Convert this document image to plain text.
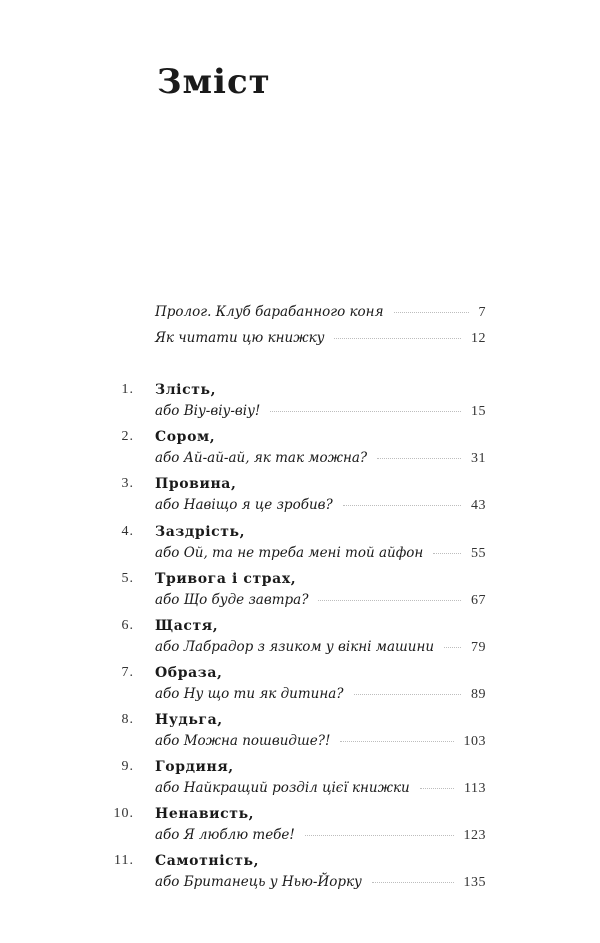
Зміст
Пролог. Клуб барабанного коня	7
Як читати цю книжку	12
1. Злість,
або Віу-віу-віу!	15
2. Сором,
або Ай-ай-ай, як так можна?	31
3. Провина,
або Навіщо я це зробив?	43
4. Заздрість,
або Ой, та не треба мені той айфон	55
5. Тривога і страх,
або Що буде завтра?	67
6. Щастя,
або Лабрадор з язиком у вікні машини	79
7. Образа,
або Ну що ти як дитина?	89
8. Нудьга,
або Можна пошвидше?!	103
9. Гординя,
або Найкращий розділ цієї книжки	113
10. Ненависть,
або Я люблю тебе!	123
11. Самотність,
або Британець у Нью-Йорку	135
